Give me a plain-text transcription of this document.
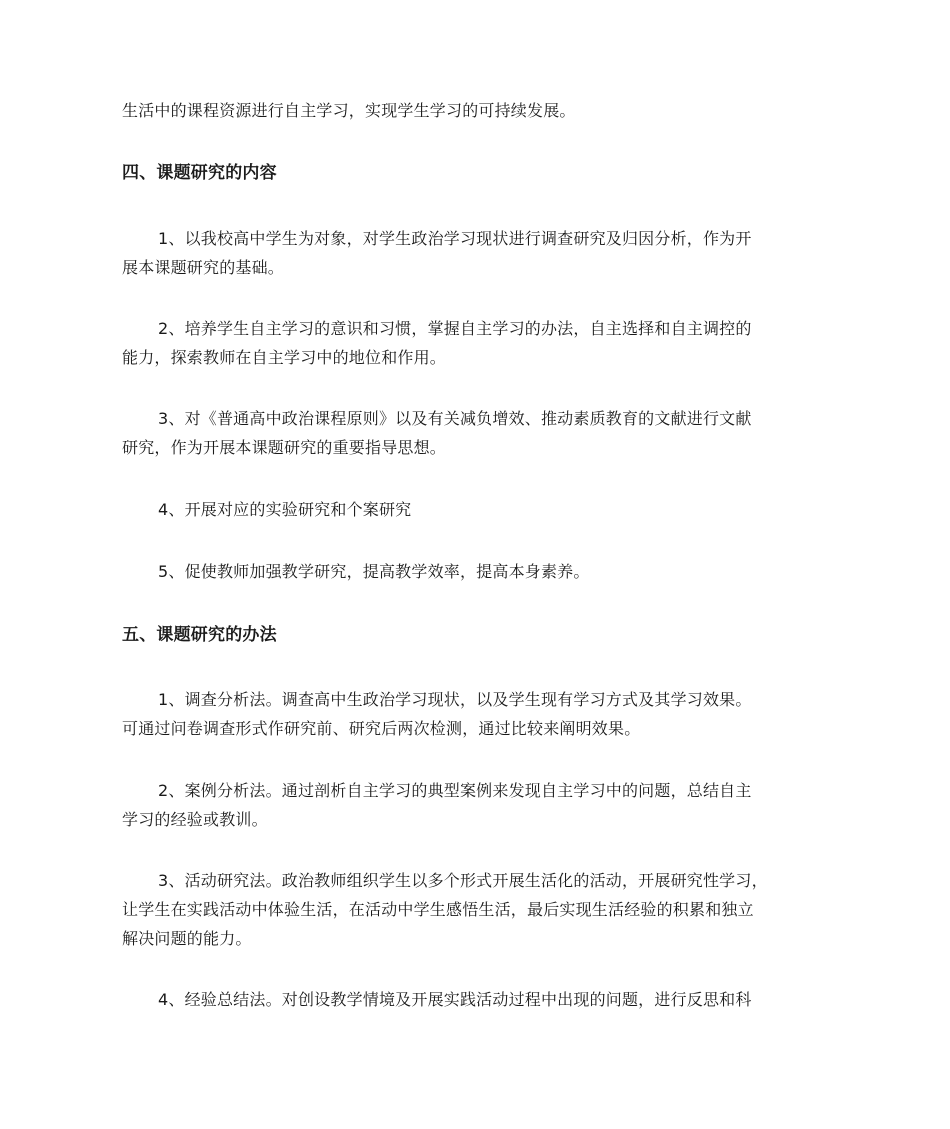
生活中的课程资源进行自主学习，实现学生学习的可持续发展。
四、课题研究的内容
1、以我校高中学生为对象，对学生政治学习现状进行调查研究及归因分析，作为开
展本课题研究的基础。
2、培养学生自主学习的意识和习惯，掌握自主学习的办法，自主选择和自主调控的
能力，探索教师在自主学习中的地位和作用。
3、对《普通高中政治课程原则》以及有关减负增效、推动素质教育的文献进行文献
研究，作为开展本课题研究的重要指导思想。
4、开展对应的实验研究和个案研究
5、促使教师加强教学研究，提高教学效率，提高本身素养。
五、课题研究的办法
1、调查分析法。调查高中生政治学习现状，以及学生现有学习方式及其学习效果。
可通过问卷调查形式作研究前、研究后两次检测，通过比较来阐明效果。
2、案例分析法。通过剖析自主学习的典型案例来发现自主学习中的问题，总结自主
学习的经验或教训。
3、活动研究法。政治教师组织学生以多个形式开展生活化的活动，开展研究性学习，
让学生在实践活动中体验生活，在活动中学生感悟生活，最后实现生活经验的积累和独立
解决问题的能力。
4、经验总结法。对创设教学情境及开展实践活动过程中出现的问题，进行反思和科
